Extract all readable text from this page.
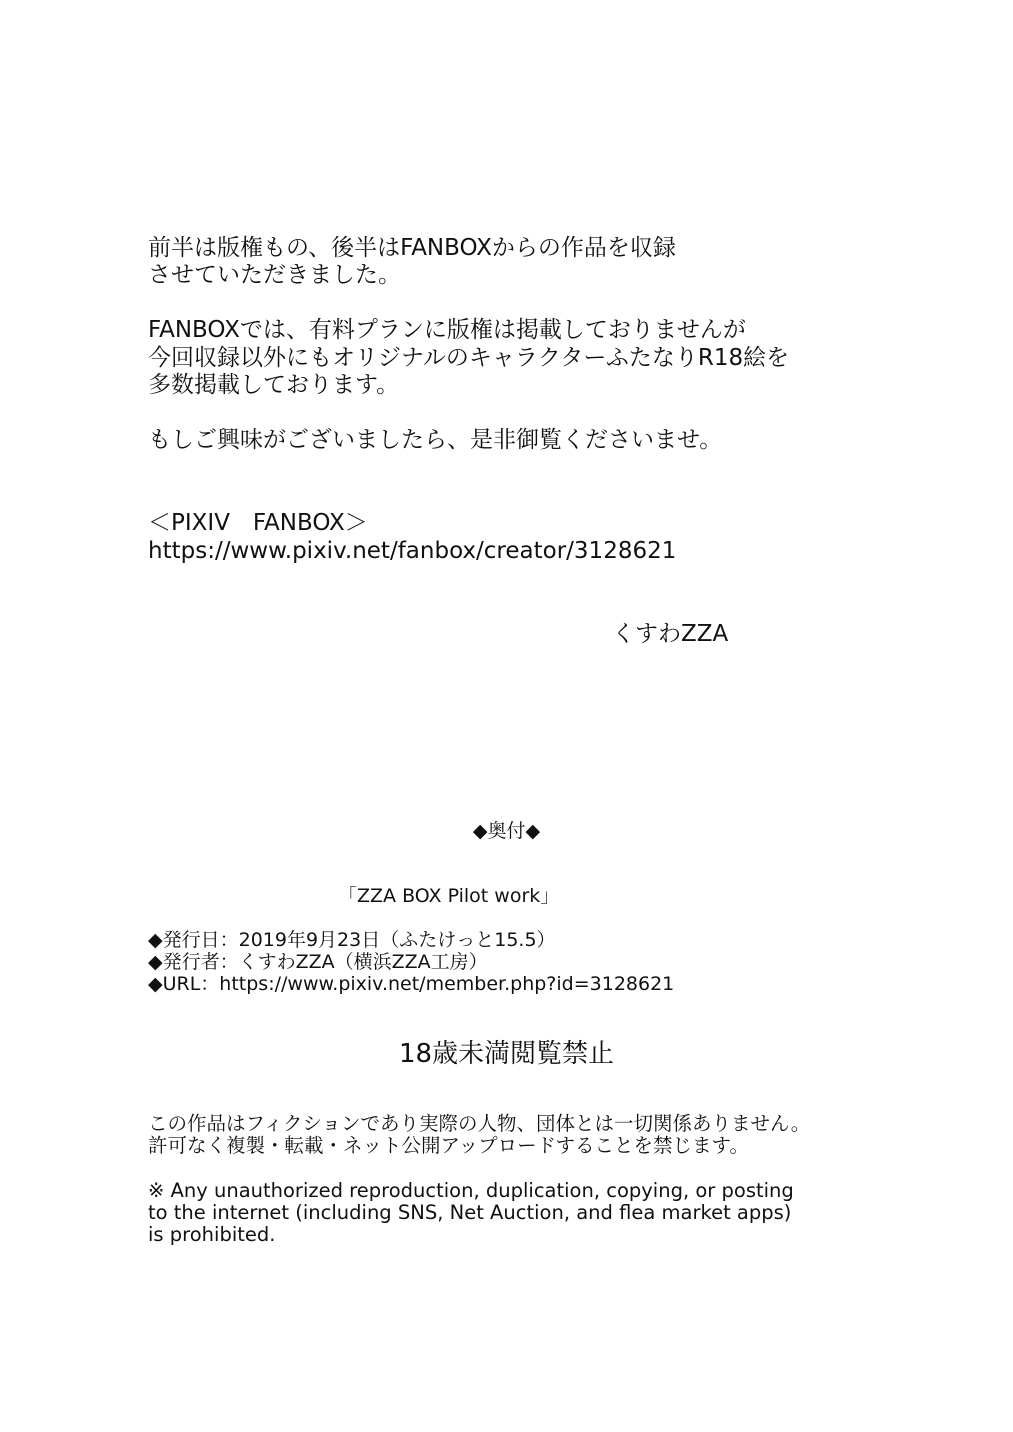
前半は版権もの、後半はFANBOXからの作品を収録

させていただきました。

FANBOXでは、有料プランに版権は掲載しておりませんが

今回収録以外にもオリジナルのキャラクターふたなりR18絵を

多数掲載しております。

もしご興味がございましたら、是非御覧くださいませ。

＜PIXIV　FANBOX＞

https://www.pixiv.net/fanbox/creator/3128621

くすわZZA

◆奥付◆

「ZZA BOX Pilot work」

◆発行日：2019年9月23日（ふたけっと15.5）

◆発行者：くすわZZA（横浜ZZA工房）

◆URL：https://www.pixiv.net/member.php?id=3128621

18歳未満閲覧禁止

この作品はフィクションであり実際の人物、団体とは一切関係ありません。

許可なく複製・転載・ネット公開アップロードすることを禁じます。

※ Any unauthorized reproduction, duplication, copying, or posting

to the internet (including SNS, Net Auction, and flea market apps)

is prohibited.
